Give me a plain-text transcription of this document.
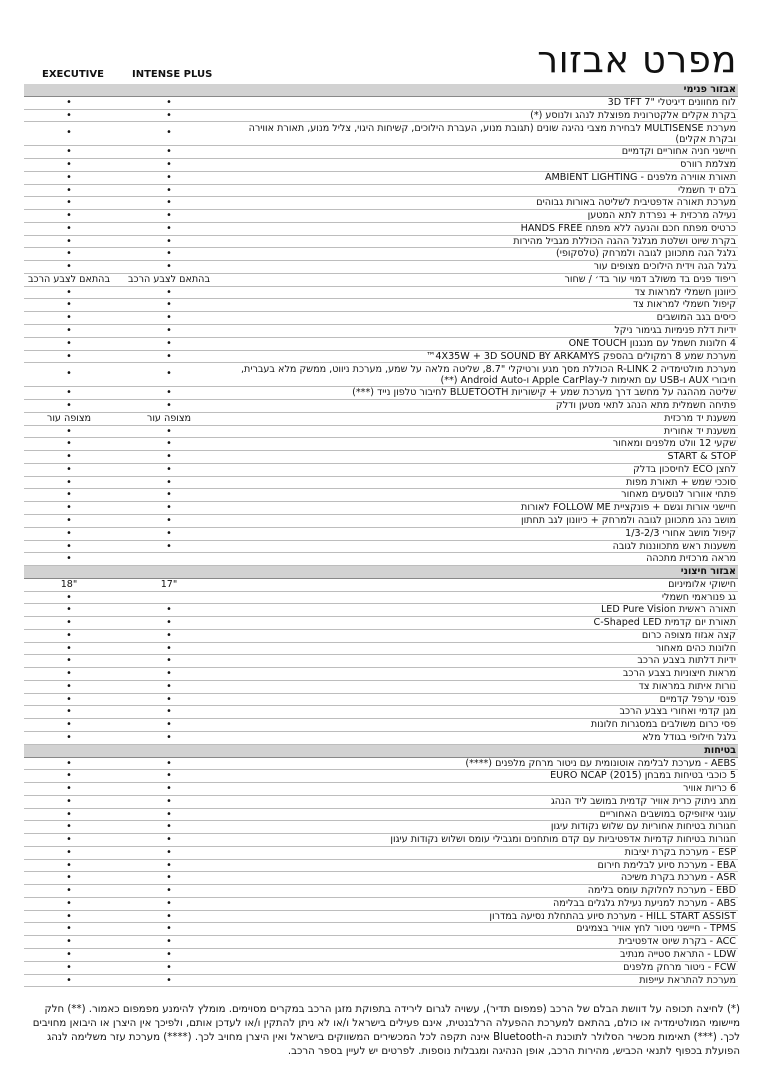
מפרט אבזור
EXECUTIVE	INTENSE PLUS
אבזור פנימי
לוח מחוונים דיגיטלי "7 3D TFT
•
•
בקרת אקלים אלקטרונית מפוצלת לנהג ולנוסע (*)
•
•
מערכת MULTISENSE לבחירת מצבי נהיגה שונים (תגובת מנוע, העברת הילוכים, קשיחות היגוי, צליל מנוע, תאורת אווירה ובקרת אקלים)
•
•
חיישני חניה אחוריים וקדמיים
•
•
מצלמת רוורס
•
•
תאורת אווירה מלפנים - AMBIENT LIGHTING
•
•
בלם יד חשמלי
•
•
מערכת תאורה אדפטיבית לשליטה באורות גבוהים
•
•
נעילה מרכזית + נפרדת לתא המטען
•
•
כרטיס מפתח חכם והנעה ללא מפתח HANDS FREE
•
•
בקרת שיוט ושלטת מגלגל ההגה הכוללת מגביל מהירות
•
•
גלגל הגה מתכוונן לגובה ולמרחק (טלסקופי)
•
•
גלגל הגה וידית הילוכים מצופים עור
•
•
ריפוד פנים בד משולב דמוי עור בד׳ / שחור
בהתאם לצבע הרכב
בהתאם לצבע הרכב
כיוונון חשמלי למראות צד
•
•
קיפול חשמלי למראות צד
•
•
כיסים בגב המושבים
•
•
ידיות דלת פנימיות בגימור ניקל
•
•
4 חלונות חשמל עם מנגנון ONE TOUCH
•
•
מערכת שמע 8 רמקולים בהספק 4X35W + 3D SOUND BY ARKAMYS™
•
•
מערכת מולטימדיה R-LINK 2 הכוללת מסך מגע ורטיקלי "8.7, שליטה מלאה על שמע, מערכת ניווט, ממשק מלא בעברית, חיבורי AUX ו-USB עם תאימות ל-Apple CarPlay ו-Android Auto (**)
•
•
שליטה מההגה על מחשב דרך מערכת שמע + קישוריות BLUETOOTH לחיבור טלפון נייד (***)
•
•
פתיחה חשמלית מתא הנהג לתאי מטען ודלק
•
•
משענת יד מרכזית
מצופה עור
מצופה עור
משענת יד אחורית
•
•
שקעי 12 וולט מלפנים ומאחור
•
•
START & STOP
•
•
לחצן ECO לחיסכון בדלק
•
•
סוככי שמש + תאורת מפות
•
•
פתחי אוורור לנוסעים מאחור
•
•
חיישני אורות וגשם + פונקציית FOLLOW ME לאורות
•
•
מושב נהג מתכוונן לגובה ולמרחק + כיוונון לגב תחתון
•
•
קיפול מושב אחורי 1/3-2/3
•
•
משענות ראש מתכווננות לגובה
•
•
מראה מרכזית מתכהה
•
אבזור חיצוני
חישוקי אלומיניום
17"
18"
גג פנוראמי חשמלי
•
תאורה ראשית LED Pure Vision
•
•
תאורת יום קדמית C-Shaped LED
•
•
קצה אגזוז מצופה כרום
•
•
חלונות כהים מאחור
•
•
ידיות דלתות בצבע הרכב
•
•
מראות חיצוניות בצבע הרכב
•
•
נורות איתות במראות צד
•
•
פנסי ערפל קדמיים
•
•
מגן קדמי ואחורי בצבע הרכב
•
•
פסי כרום משולבים במסגרות חלונות
•
•
גלגל חילופי בגודל מלא
•
•
בטיחות
AEBS - מערכת לבלימה אוטונומית עם ניטור מרחק מלפנים (****)
•
•
5 כוכבי בטיחות במבחן EURO NCAP (2015)
•
•
6 כריות אוויר
•
•
מתג ניתוק כרית אוויר קדמית במושב ליד הנהג
•
•
עוגני איזופיקס במושבים האחוריים
•
•
חגורות בטיחות אחוריות עם שלוש נקודות עיגון
•
•
חגורות בטיחות קדמיות אדפטיביות עם קדם מותחנים ומגבילי עומס ושלוש נקודות עיגון
•
•
ESP - מערכת בקרת יציבות
•
•
EBA - מערכת סיוע לבלימת חירום
•
•
ASR - מערכת בקרת משיכה
•
•
EBD - מערכת לחלוקת עומס בלימה
•
•
ABS - מערכת למניעת נעילת גלגלים בבלימה
•
•
HILL START ASSIST - מערכת סיוע בהתחלת נסיעה במדרון
•
•
TPMS - חיישני ניטור לחץ אוויר בצמיגים
•
•
ACC - בקרת שיוט אדפטיבית
•
•
LDW - התראת סטייה מנתיב
•
•
FCW - ניטור מרחק מלפנים
•
•
מערכת להתראת עייפות
•
•

(*) לחיצה תכופה על דוושת הבלם של הרכב (פמפום תדיר), עשויה לגרום לירידה בתפוקת מזגן הרכב במקרים מסוימים. מומלץ להימנע מפמפום כאמור. (**) חלק מיישומי המולטימדיה או כולם, בהתאם למערכת ההפעלה הרלבנטית, אינם פעילים בישראל ו/או לא ניתן להתקין ו/או לעדכן אותם, ולפיכך אין היצרן או היבואן מחויבים לכך. (***) תאימות מכשיר הסלולר לתוכנת ה-Bluetooth אינה תקפה לכל המכשירים המשווקים בישראל ואין היצרן מחויב לכך. (****) מערכת עזר משלימה לנהג הפועלת בכפוף לתנאי הכביש, מהירות הרכב, אופן הנהיגה ומגבלות נוספות. לפרטים יש לעיין בספר הרכב.
